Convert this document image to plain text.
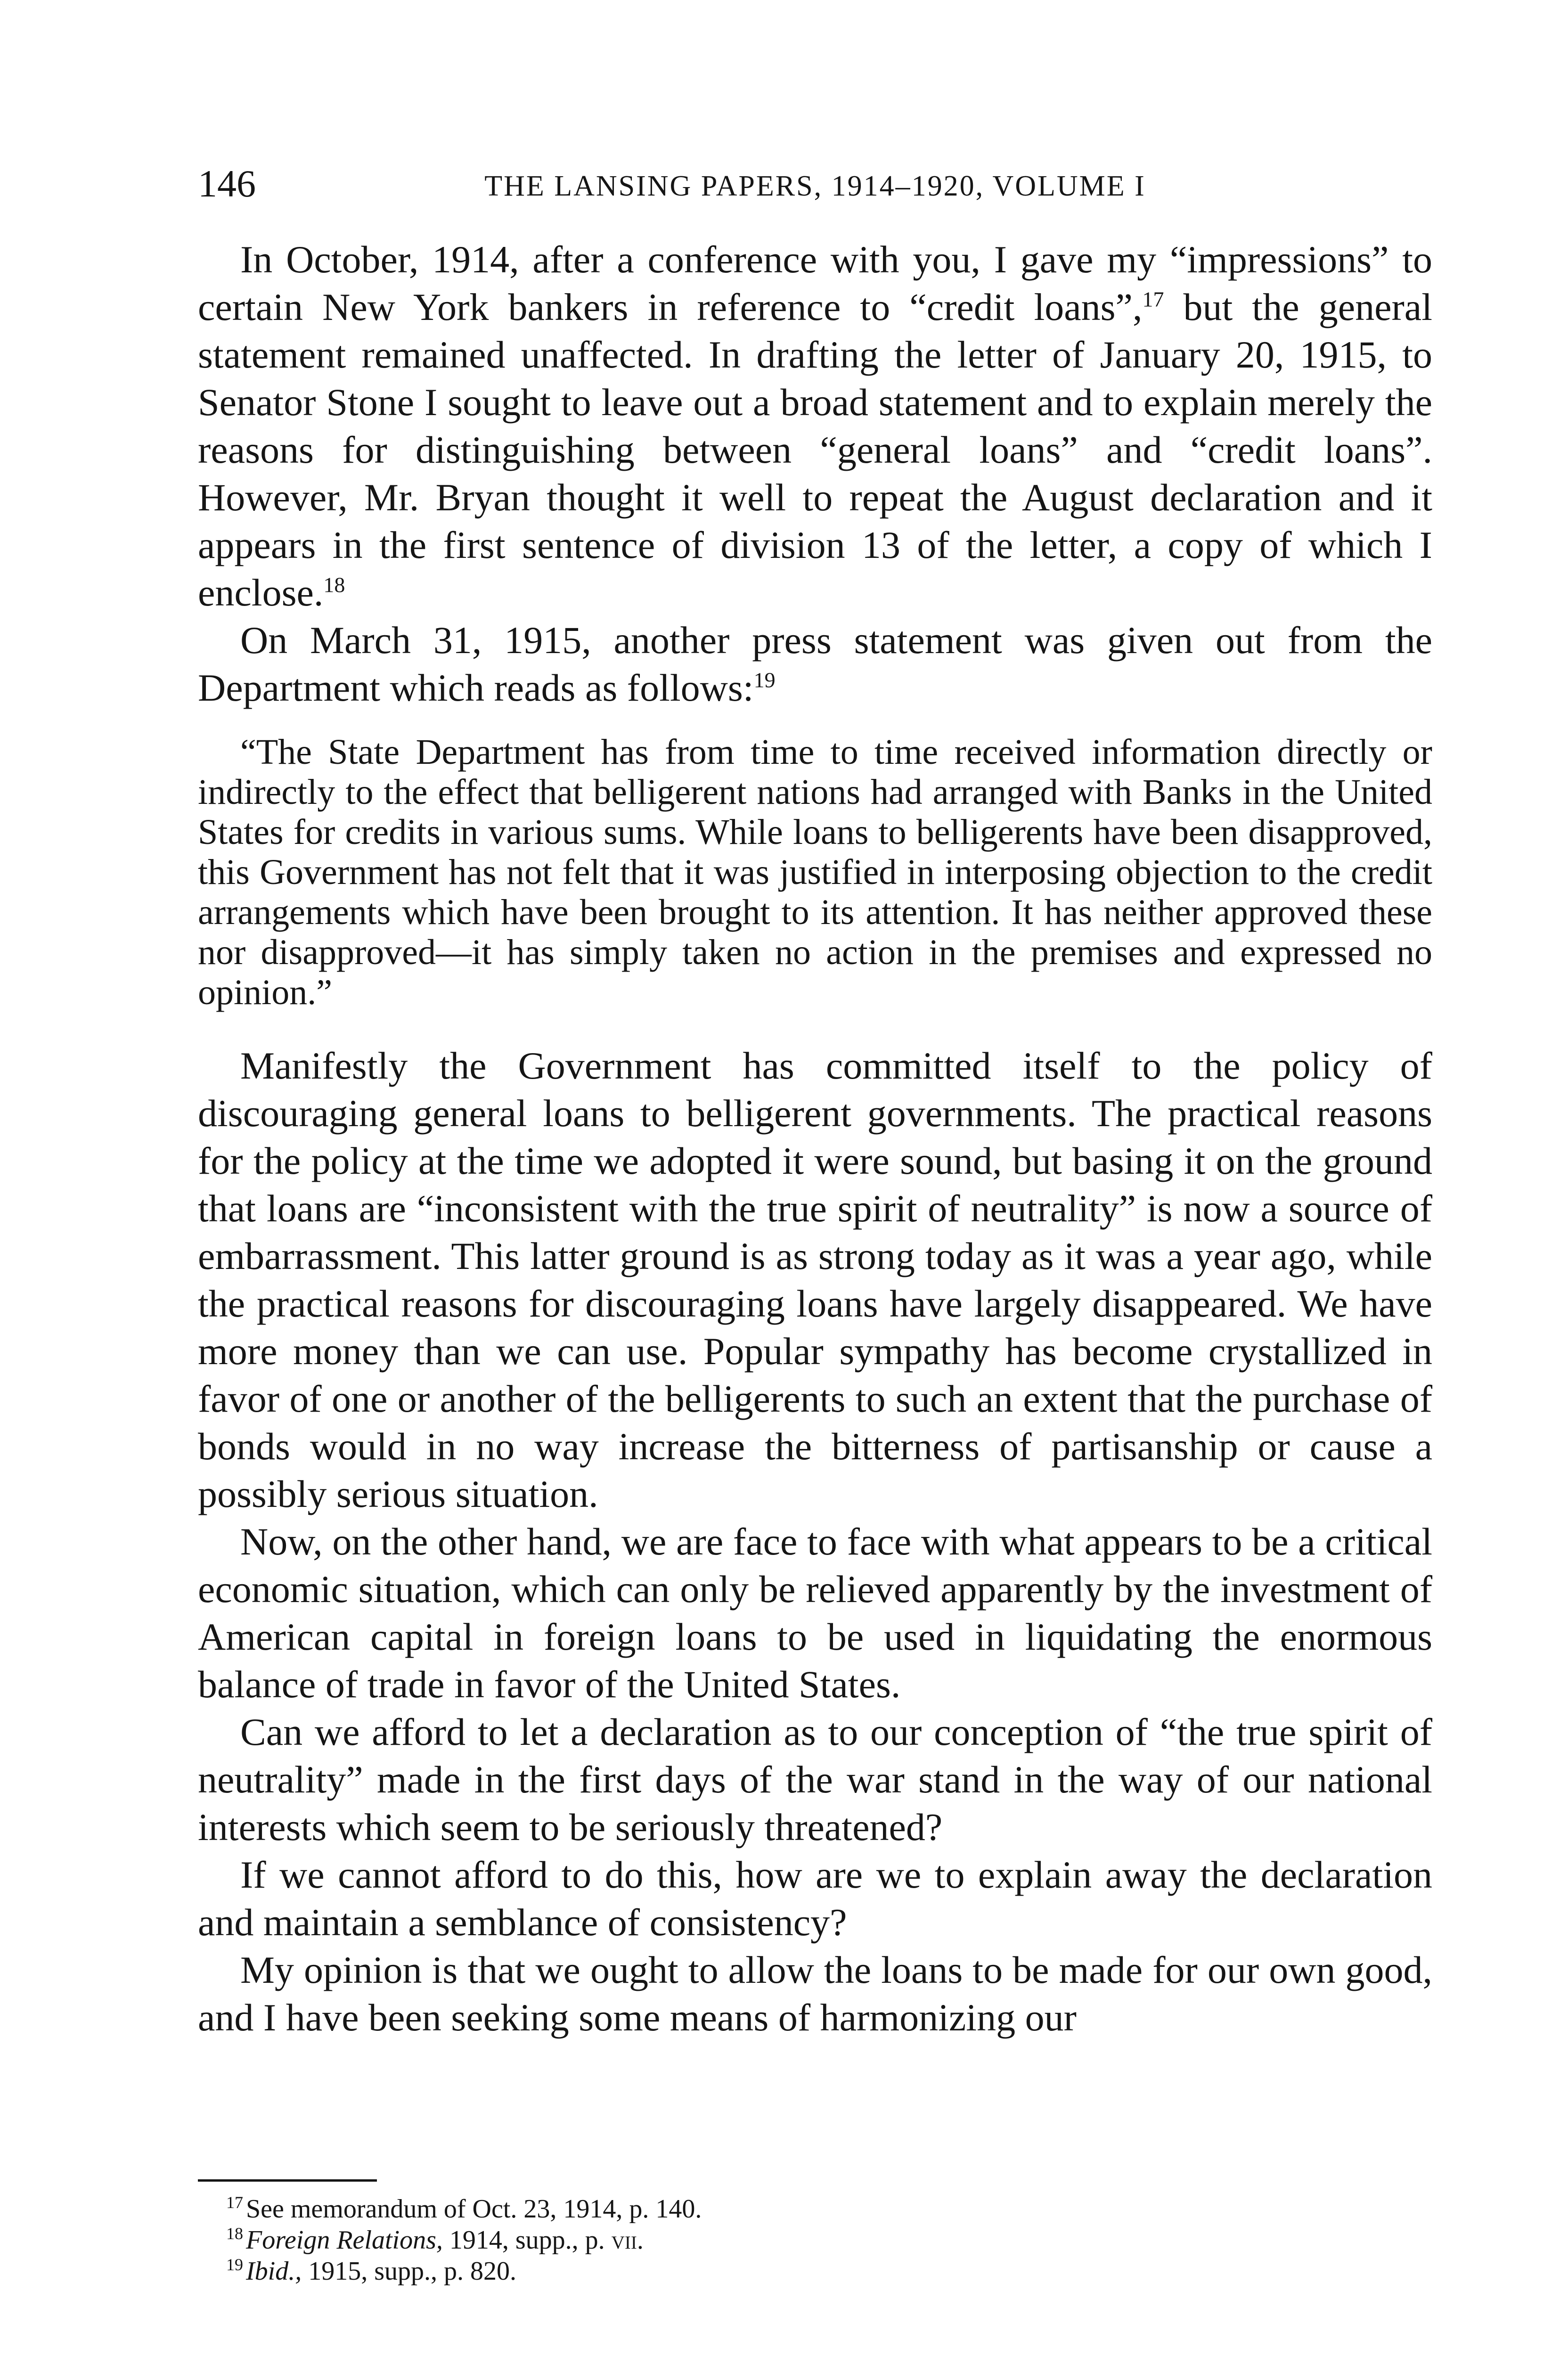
146	THE LANSING PAPERS, 1914–1920, VOLUME I

In October, 1914, after a conference with you, I gave my “impressions” to certain New York bankers in reference to “credit loans”,$^{17}$ but the general statement remained unaffected. In drafting the letter of January 20, 1915, to Senator Stone I sought to leave out a broad statement and to explain merely the reasons for distinguishing between “general loans” and “credit loans”. However, Mr. Bryan thought it well to repeat the August declaration and it appears in the first sentence of division 13 of the letter, a copy of which I enclose.$^{18}$

On March 31, 1915, another press statement was given out from the Department which reads as follows:$^{19}$

“The State Department has from time to time received information directly or indirectly to the effect that belligerent nations had arranged with Banks in the United States for credits in various sums. While loans to belligerents have been disapproved, this Government has not felt that it was justified in interposing objection to the credit arrangements which have been brought to its attention. It has neither approved these nor disapproved—it has simply taken no action in the premises and expressed no opinion.”

Manifestly the Government has committed itself to the policy of discouraging general loans to belligerent governments. The practical reasons for the policy at the time we adopted it were sound, but basing it on the ground that loans are “inconsistent with the true spirit of neutrality” is now a source of embarrassment. This latter ground is as strong today as it was a year ago, while the practical reasons for discouraging loans have largely disappeared. We have more money than we can use. Popular sympathy has become crystallized in favor of one or another of the belligerents to such an extent that the purchase of bonds would in no way increase the bitterness of partisanship or cause a possibly serious situation.

Now, on the other hand, we are face to face with what appears to be a critical economic situation, which can only be relieved apparently by the investment of American capital in foreign loans to be used in liquidating the enormous balance of trade in favor of the United States.

Can we afford to let a declaration as to our conception of “the true spirit of neutrality” made in the first days of the war stand in the way of our national interests which seem to be seriously threatened?

If we cannot afford to do this, how are we to explain away the declaration and maintain a semblance of consistency?

My opinion is that we ought to allow the loans to be made for our own good, and I have been seeking some means of harmonizing our

$^{17}$ See memorandum of Oct. 23, 1914, p. 140.

$^{18}$ Foreign Relations, 1914, supp., p. vii.

$^{19}$ Ibid., 1915, supp., p. 820.
